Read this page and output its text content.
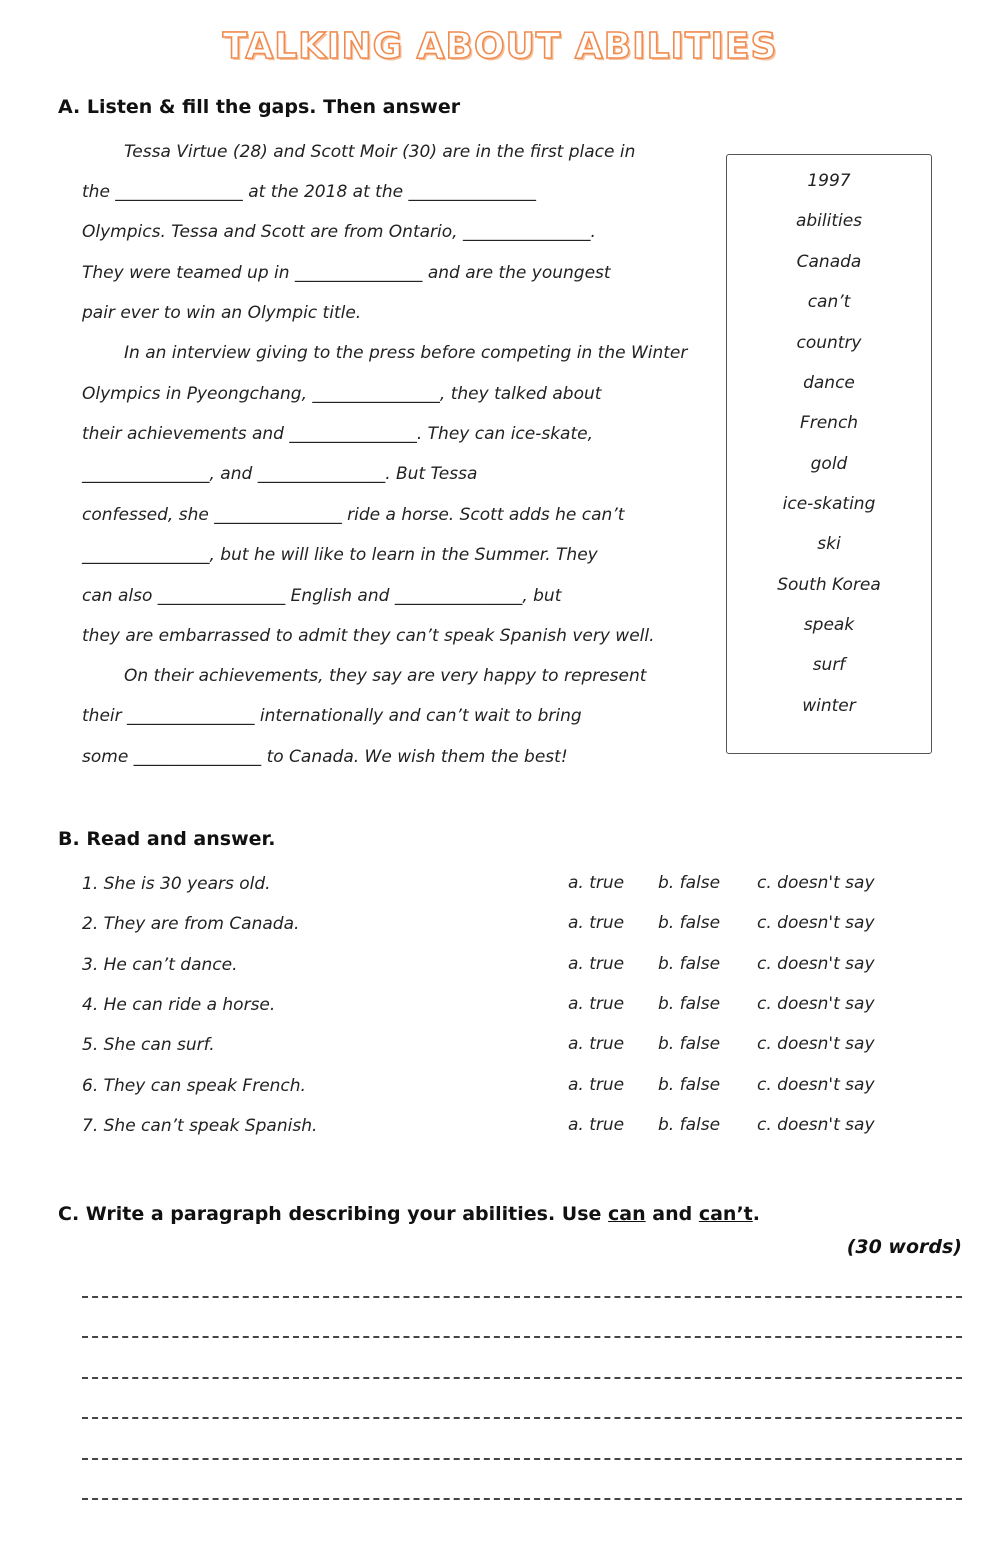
TALKING ABOUT ABILITIES
A. Listen & fill the gaps. Then answer
Tessa Virtue (28) and Scott Moir (30) are in the first place in
the _______________ at the 2018 at the _______________
Olympics. Tessa and Scott are from Ontario, _______________.
They were teamed up in _______________ and are the youngest
pair ever to win an Olympic title.
In an interview giving to the press before competing in the Winter
Olympics in Pyeongchang, _______________, they talked about
their achievements and _______________. They can ice-skate,
_______________, and _______________. But Tessa
confessed, she _______________ ride a horse. Scott adds he can’t
_______________, but he will like to learn in the Summer. They
can also _______________ English and _______________, but
they are embarrassed to admit they can’t speak Spanish very well.
On their achievements, they say are very happy to represent
their _______________ internationally and can’t wait to bring
some _______________ to Canada. We wish them the best!
1997
abilities
Canada
can’t
country
dance
French
gold
ice-skating
ski
South Korea
speak
surf
winter
B. Read and answer.
1. She is 30 years old.	a. true b. false c. doesn't say
2. They are from Canada.	a. true b. false c. doesn't say
3. He can’t dance.	a. true b. false c. doesn't say
4. He can ride a horse.	a. true b. false c. doesn't say
5. She can surf.	a. true b. false c. doesn't say
6. They can speak French.	a. true b. false c. doesn't say
7. She can’t speak Spanish.	a. true b. false c. doesn't say
C. Write a paragraph describing your abilities. Use can and can’t.
(30 words)
